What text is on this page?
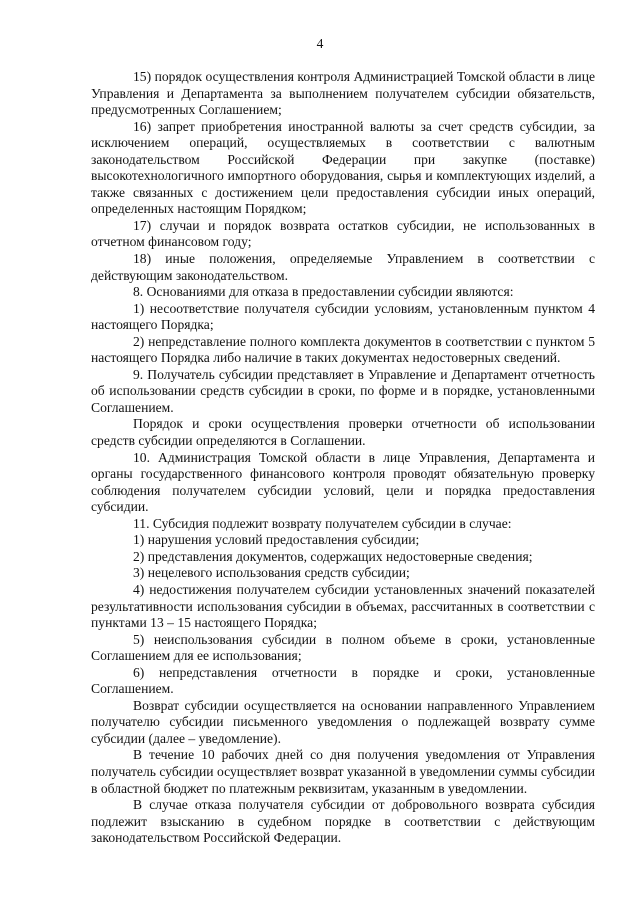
4

15) порядок осуществления контроля Администрацией Томской области в лице Управления и Департамента за выполнением получателем субсидии обязательств, предусмотренных Соглашением;

16) запрет приобретения иностранной валюты за счет средств субсидии, за исключением операций, осуществляемых в соответствии с валютным законодательством Российской Федерации при закупке (поставке) высокотехнологичного импортного оборудования, сырья и комплектующих изделий, а также связанных с достижением цели предоставления субсидии иных операций, определенных настоящим Порядком;

17) случаи и порядок возврата остатков субсидии, не использованных в отчетном финансовом году;

18) иные положения, определяемые Управлением в соответствии с действующим законодательством.

8. Основаниями для отказа в предоставлении субсидии являются:

1) несоответствие получателя субсидии условиям, установленным пунктом 4 настоящего Порядка;

2) непредставление полного комплекта документов в соответствии с пунктом 5 настоящего Порядка либо наличие в таких документах недостоверных сведений.

9. Получатель субсидии представляет в Управление и Департамент отчетность об использовании средств субсидии в сроки, по форме и в порядке, установленными Соглашением.

Порядок и сроки осуществления проверки отчетности об использовании средств субсидии определяются в Соглашении.

10. Администрация Томской области в лице Управления, Департамента и органы государственного финансового контроля проводят обязательную проверку соблюдения получателем субсидии условий, цели и порядка предоставления субсидии.

11. Субсидия подлежит возврату получателем субсидии в случае:

1) нарушения условий предоставления субсидии;

2) представления документов, содержащих недостоверные сведения;

3) нецелевого использования средств субсидии;

4) недостижения получателем субсидии установленных значений показателей результативности использования субсидии в объемах, рассчитанных в соответствии с пунктами 13 – 15 настоящего Порядка;

5) неиспользования субсидии в полном объеме в сроки, установленные Соглашением для ее использования;

6) непредставления отчетности в порядке и сроки, установленные Соглашением.

Возврат субсидии осуществляется на основании направленного Управлением получателю субсидии письменного уведомления о подлежащей возврату сумме субсидии (далее – уведомление).

В течение 10 рабочих дней со дня получения уведомления от Управления получатель субсидии осуществляет возврат указанной в уведомлении суммы субсидии в областной бюджет по платежным реквизитам, указанным в уведомлении.

В случае отказа получателя субсидии от добровольного возврата субсидия подлежит взысканию в судебном порядке в соответствии с действующим законодательством Российской Федерации.
